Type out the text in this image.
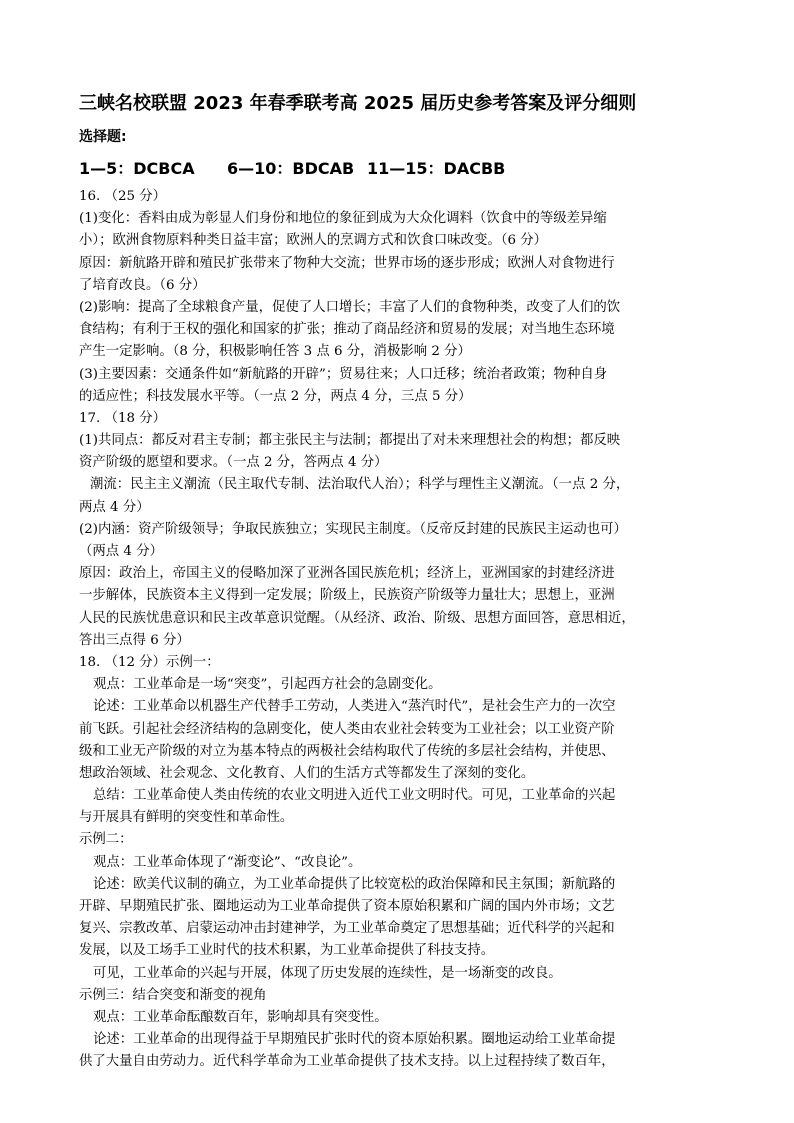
三峡名校联盟 2023 年春季联考高 2025 届历史参考答案及评分细则
选择题:
1—5：DCBCA 6—10：BDCAB 11—15：DACBB
16. （25 分）
(1)变化：香料由成为彰显人们身份和地位的象征到成为大众化调料（饮食中的等级差异缩
小）；欧洲食物原料种类日益丰富；欧洲人的烹调方式和饮食口味改变。（6 分）
原因：新航路开辟和殖民扩张带来了物种大交流；世界市场的逐步形成；欧洲人对食物进行
了培育改良。（6 分）
(2)影响：提高了全球粮食产量，促使了人口增长；丰富了人们的食物种类，改变了人们的饮
食结构；有利于王权的强化和国家的扩张；推动了商品经济和贸易的发展；对当地生态环境
产生一定影响。（8 分，积极影响任答 3 点 6 分，消极影响 2 分）
(3)主要因素：交通条件如“新航路的开辟”；贸易往来；人口迁移；统治者政策；物种自身
的适应性；科技发展水平等。（一点 2 分，两点 4 分，三点 5 分）
17. （18 分）
(1)共同点：都反对君主专制；都主张民主与法制；都提出了对未来理想社会的构想；都反映
资产阶级的愿望和要求。（一点 2 分，答两点 4 分）
潮流：民主主义潮流（民主取代专制、法治取代人治）；科学与理性主义潮流。（一点 2 分，
两点 4 分）
(2)内涵：资产阶级领导；争取民族独立；实现民主制度。（反帝反封建的民族民主运动也可）
（两点 4 分）
原因：政治上，帝国主义的侵略加深了亚洲各国民族危机；经济上，亚洲国家的封建经济进
一步解体，民族资本主义得到一定发展；阶级上，民族资产阶级等力量壮大；思想上，亚洲
人民的民族忧患意识和民主改革意识觉醒。（从经济、政治、阶级、思想方面回答，意思相近，
答出三点得 6 分）
18. （12 分）示例一：
观点：工业革命是一场“突变”，引起西方社会的急剧变化。
论述：工业革命以机器生产代替手工劳动，人类进入“蒸汽时代”，是社会生产力的一次空
前飞跃。引起社会经济结构的急剧变化，使人类由农业社会转变为工业社会；以工业资产阶
级和工业无产阶级的对立为基本特点的两极社会结构取代了传统的多层社会结构，并使思、
想政治领域、社会观念、文化教育、人们的生活方式等都发生了深刻的变化。
总结：工业革命使人类由传统的农业文明进入近代工业文明时代。可见，工业革命的兴起
与开展具有鲜明的突变性和革命性。
示例二：
观点：工业革命体现了“渐变论”、“改良论”。
论述：欧美代议制的确立，为工业革命提供了比较宽松的政治保障和民主氛围；新航路的
开辟、早期殖民扩张、圈地运动为工业革命提供了资本原始积累和广阔的国内外市场；文艺
复兴、宗教改革、启蒙运动冲击封建神学，为工业革命奠定了思想基础；近代科学的兴起和
发展，以及工场手工业时代的技术积累，为工业革命提供了科技支持。
可见，工业革命的兴起与开展，体现了历史发展的连续性，是一场渐变的改良。
示例三：结合突变和渐变的视角
观点：工业革命酝酿数百年，影响却具有突变性。
论述：工业革命的出现得益于早期殖民扩张时代的资本原始积累。圈地运动给工业革命提
供了大量自由劳动力。近代科学革命为工业革命提供了技术支持。以上过程持续了数百年，
